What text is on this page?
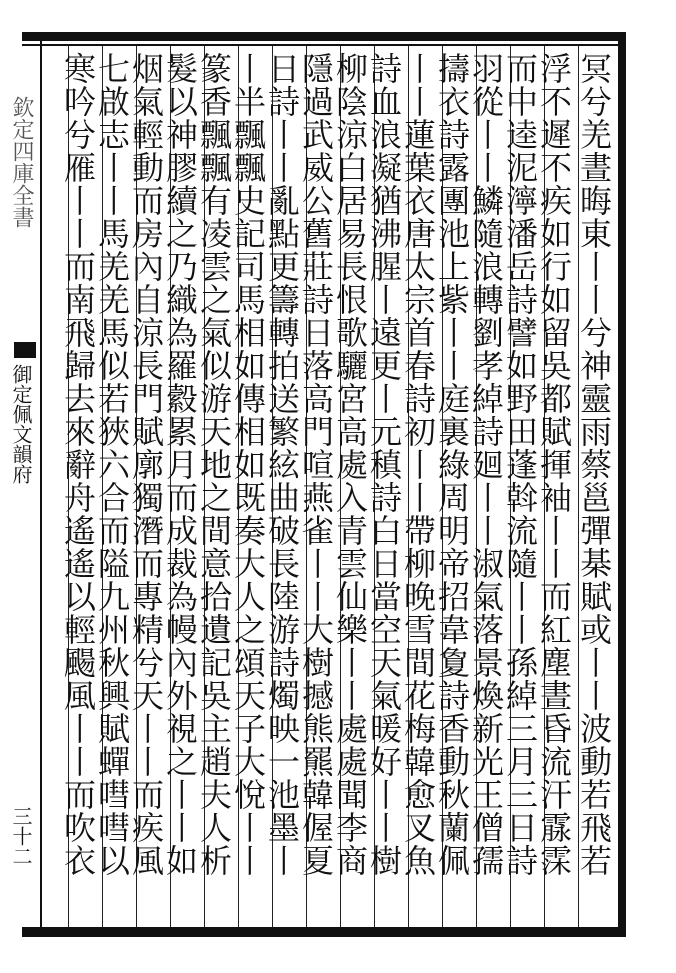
冥兮羌晝晦東丨丨兮神靈雨蔡邕彈棊賦或丨丨波動若飛若
浮不遲不疾如行如留吳都賦揮袖丨丨而紅塵晝昏流汗霡霂
而中逵泥濘潘岳詩譬如野田蓬斡流隨丨丨孫綽三月三日詩
羽從丨丨鱗隨浪轉劉孝綽詩廻丨丨淑氣落景煥新光王僧孺
擣衣詩露團池上紫丨丨庭裏綠周明帝招韋夐詩香動秋蘭佩
丨丨蓮葉衣唐太宗首春詩初丨丨帶柳晚雪間花梅韓愈叉魚
詩血浪凝猶沸腥丨遠更丨元稹詩白日當空天氣暖好丨丨樹
柳陰涼白居易長恨歌驪宮高處入青雲仙樂丨丨處處聞李商
隱過武威公舊莊詩日落高門喧燕雀丨丨大樹撼熊羆韓偓夏
日詩丨丨亂點更籌轉拍送繁絃曲破長陸游詩燭映一池墨丨
丨半飄飄史記司馬相如傳相如既奏大人之頌天子大悅丨丨
篆香飄飄有凌雲之氣似游天地之間意拾遺記吳主趙夫人析
髮以神膠續之乃織為羅縠累月而成裁為幔內外視之丨丨如
烟氣輕動而房內自涼長門賦廓獨潛而專精兮天丨丨而疾風
七啟志丨丨馬羌羌馬似若狹六合而隘九州秋興賦蟬嘒嘒以
寒吟兮雁丨丨而南飛歸去來辭舟遙遙以輕颺風丨丨而吹衣
欽定四庫全書
御定佩文韻府
三十二
